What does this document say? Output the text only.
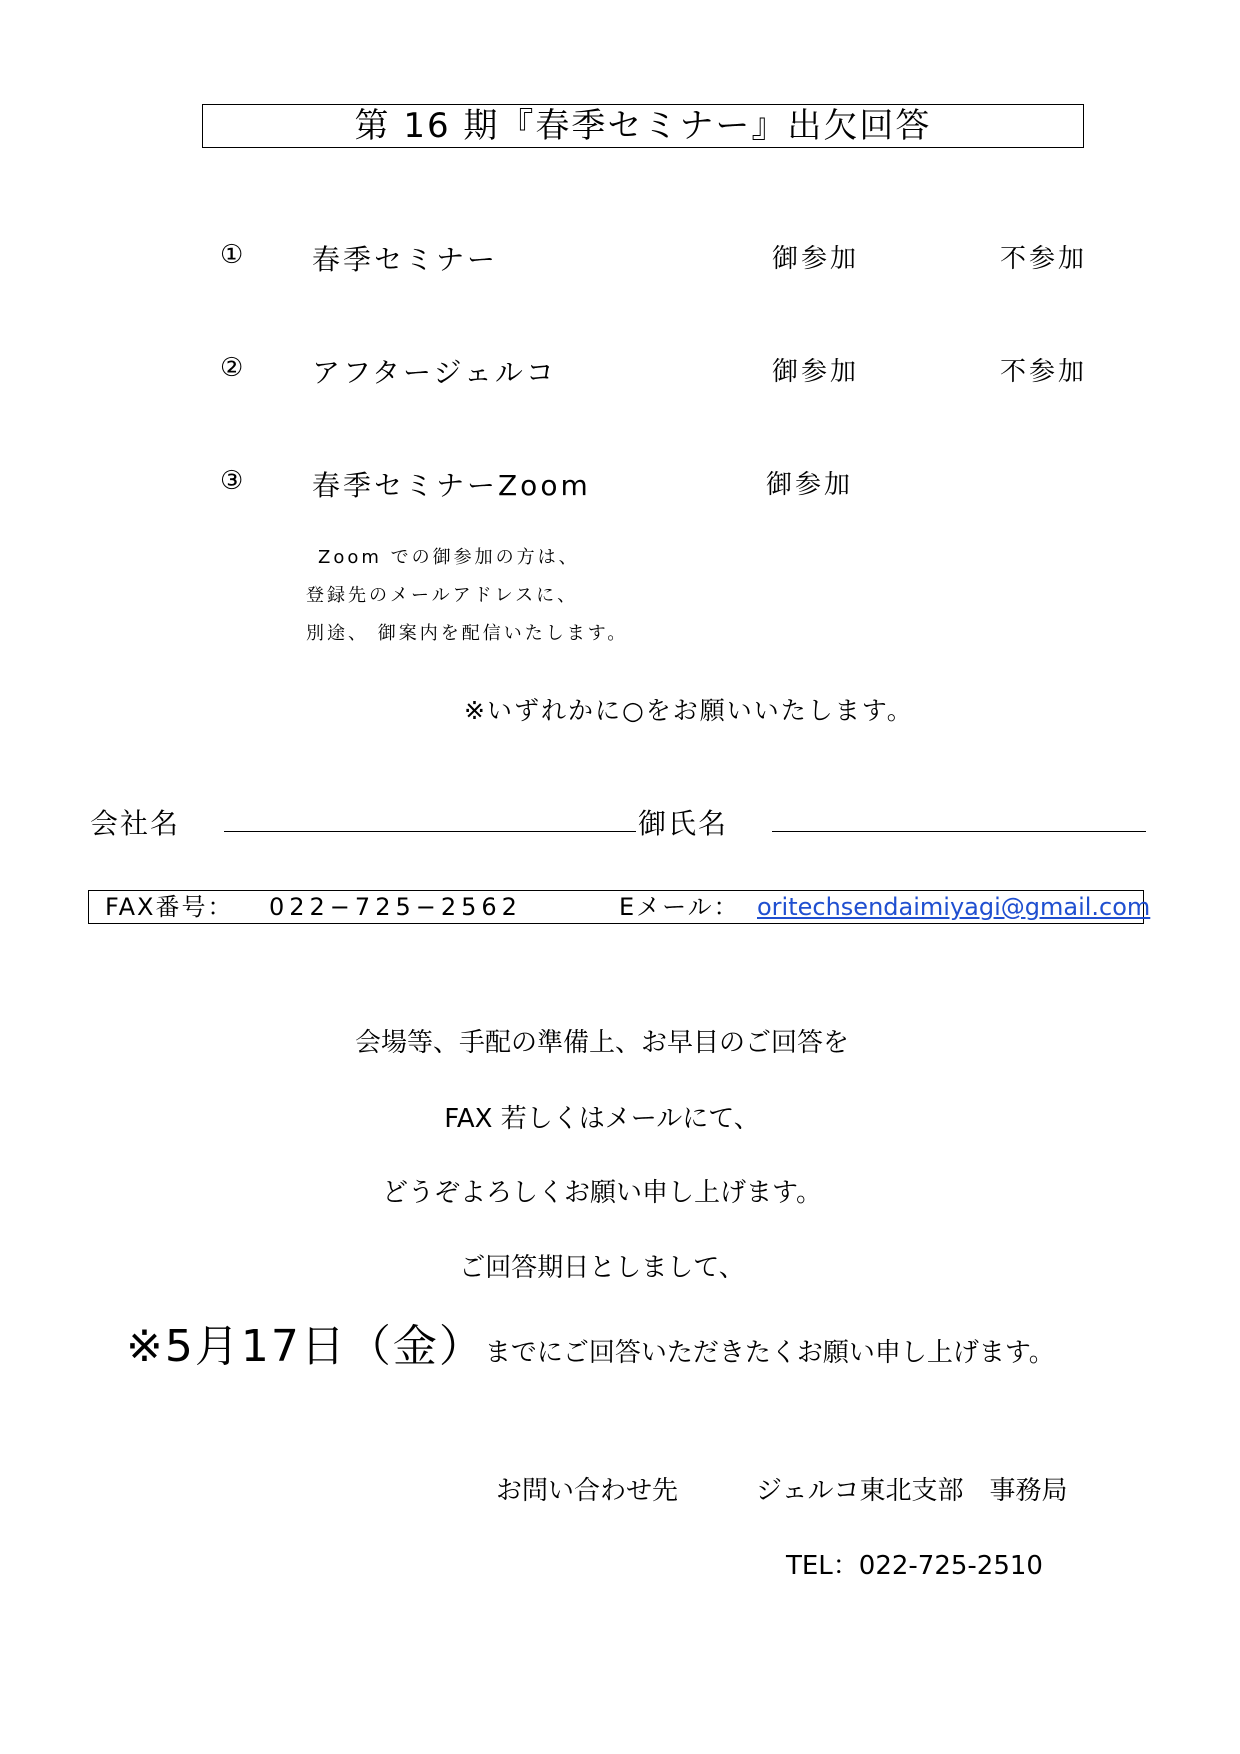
第 16 期『春季セミナー』出欠回答
① 春季セミナー	御参加	不参加
② アフタージェルコ	御参加	不参加
③ 春季セミナーZoom	御参加
Zoom での御参加の方は、
登録先のメールアドレスに、
別途、 御案内を配信いたします。
※いずれかに○をお願いいたします。
会社名	御氏名
FAX番号： 022−725−2562	Eメール： oritechsendaimiyagi@gmail.com
会場等、手配の準備上、お早目のご回答を
FAX 若しくはメールにて、
どうぞよろしくお願い申し上げます。
ご回答期日としまして、
※5月17日（金）までにご回答いただきたくお願い申し上げます。
お問い合わせ先	ジェルコ東北支部　事務局
TEL：022-725-2510
